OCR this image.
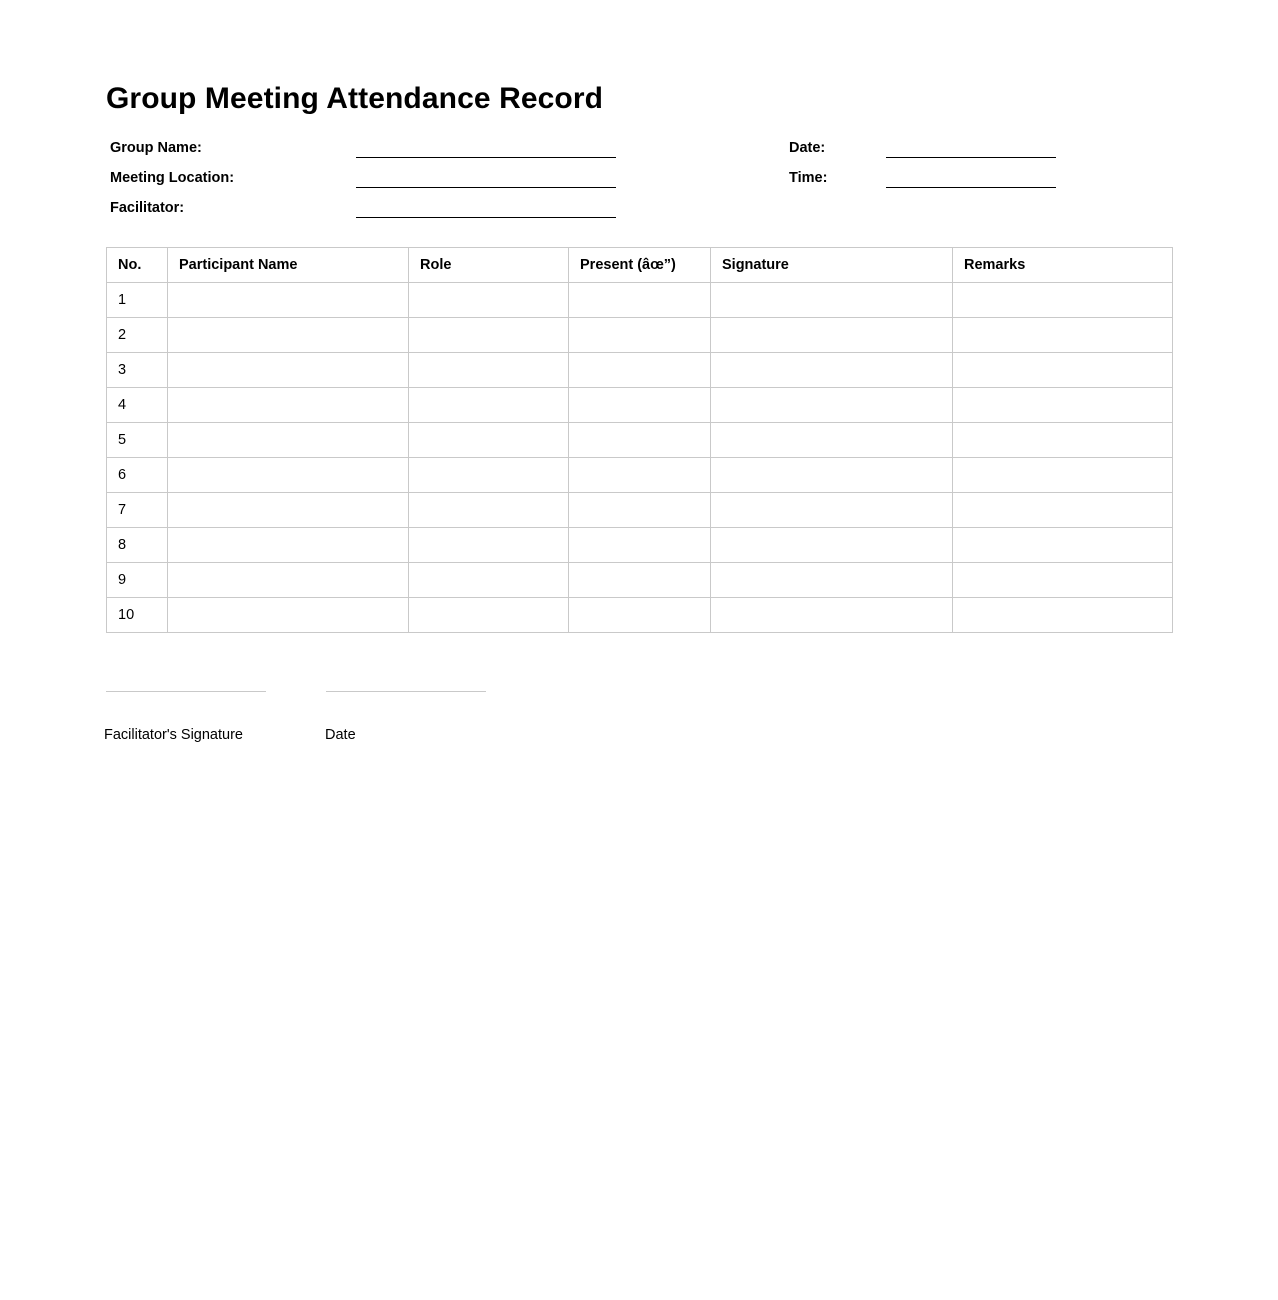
Group Meeting Attendance Record
Group Name:
Meeting Location:
Facilitator:
Date:
Time:
No.	Participant Name	Role	Present (âœ”)	Signature	Remarks
1					
2					
3					
4					
5					
6					
7					
8					
9					
10					
Facilitator's Signature	Date
